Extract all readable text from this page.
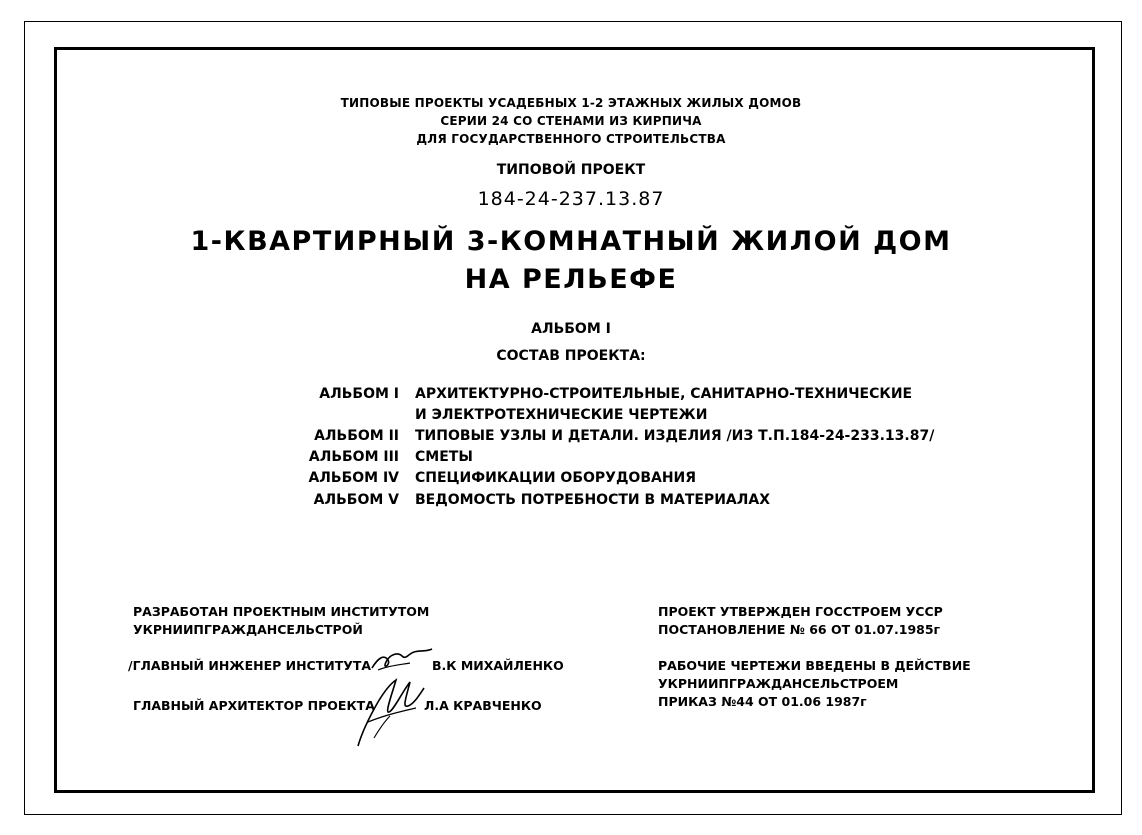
ТИПОВЫЕ ПРОЕКТЫ УСАДЕБНЫХ 1-2 ЭТАЖНЫХ ЖИЛЫХ ДОМОВ
СЕРИИ 24 СО СТЕНАМИ ИЗ КИРПИЧА
ДЛЯ ГОСУДАРСТВЕННОГО СТРОИТЕЛЬСТВА
ТИПОВОЙ ПРОЕКТ
184-24-237.13.87
1-КВАРТИРНЫЙ 3-КОМНАТНЫЙ ЖИЛОЙ ДОМ
НА РЕЛЬЕФЕ
АЛЬБОМ I
СОСТАВ ПРОЕКТА:
АЛЬБОМ I АРХИТЕКТУРНО-СТРОИТЕЛЬНЫЕ, САНИТАРНО-ТЕХНИЧЕСКИЕ
И ЭЛЕКТРОТЕХНИЧЕСКИЕ ЧЕРТЕЖИ
АЛЬБОМ II ТИПОВЫЕ УЗЛЫ И ДЕТАЛИ. ИЗДЕЛИЯ /ИЗ Т.П.184-24-233.13.87/
АЛЬБОМ III СМЕТЫ
АЛЬБОМ IV СПЕЦИФИКАЦИИ ОБОРУДОВАНИЯ
АЛЬБОМ V ВЕДОМОСТЬ ПОТРЕБНОСТИ В МАТЕРИАЛАХ
РАЗРАБОТАН ПРОЕКТНЫМ ИНСТИТУТОМ
УКРНИИПГРАЖДАНСЕЛЬСТРОЙ
/ГЛАВНЫЙ ИНЖЕНЕР ИНСТИТУТА	В.К МИХАЙЛЕНКО
ГЛАВНЫЙ АРХИТЕКТОР ПРОЕКТА	Л.А КРАВЧЕНКО
ПРОЕКТ УТВЕРЖДЕН ГОССТРОЕМ УССР
ПОСТАНОВЛЕНИЕ № 66 ОТ 01.07.1985г
РАБОЧИЕ ЧЕРТЕЖИ ВВЕДЕНЫ В ДЕЙСТВИЕ
УКРНИИПГРАЖДАНСЕЛЬСТРОЕМ
ПРИКАЗ №44 ОТ 01.06 1987г
